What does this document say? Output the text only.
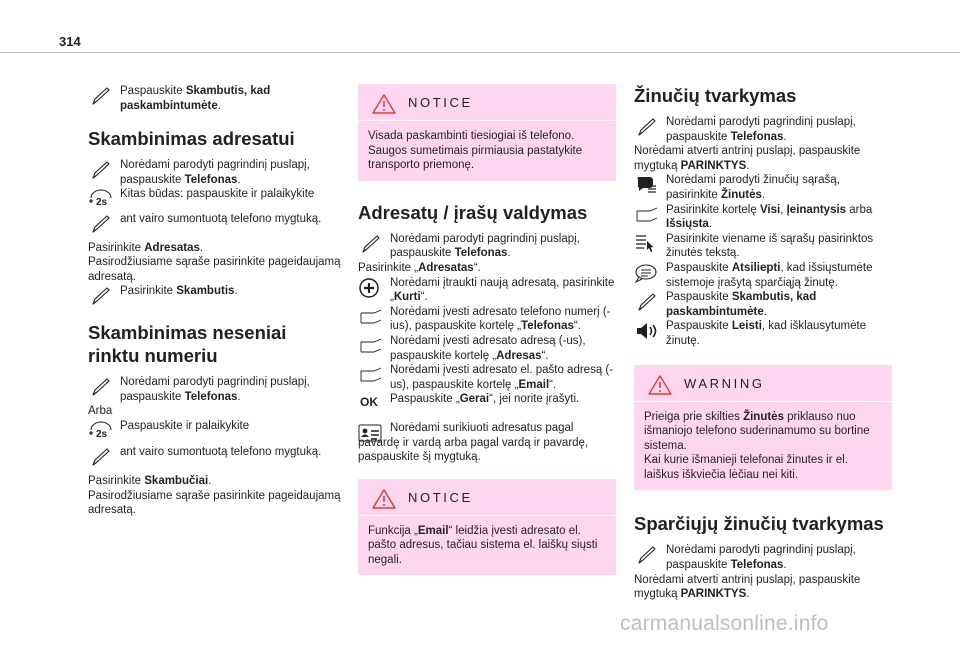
314
Paspauskite Skambutis, kad paskambintumėte.
Skambinimas adresatui
Norėdami parodyti pagrindinį puslapį, paspauskite Telefonas.
2s
Kitas būdas: paspauskite ir palaikykite
ant vairo sumontuotą telefono mygtuką.
Pasirinkite Adresatas.
Pasirodžiusiame sąraše pasirinkite pageidaujamą adresatą.
Pasirinkite Skambutis.
Skambinimas neseniai rinktu numeriu
Norėdami parodyti pagrindinį puslapį, paspauskite Telefonas.
Arba
2s
Paspauskite ir palaikykite
ant vairo sumontuotą telefono mygtuką.
Pasirinkite Skambučiai.
Pasirodžiusiame sąraše pasirinkite pageidaujamą adresatą.
NOTICE
Visada paskambinti tiesiogiai iš telefono. Saugos sumetimais pirmiausia pastatykite transporto priemonę.
Adresatų / įrašų valdymas
Norėdami parodyti pagrindinį puslapį, paspauskite Telefonas.
Pasirinkite „Adresatas“.
Norėdami įtraukti naują adresatą, pasirinkite „Kurti“.
Norėdami įvesti adresato telefono numerį (-ius), paspauskite kortelę „Telefonas“.
Norėdami įvesti adresato adresą (-us), paspauskite kortelę „Adresas“.
Norėdami įvesti adresato el. pašto adresą (-us), paspauskite kortelę „Email“.
OK Paspauskite „Gerai“, jei norite įrašyti.
Norėdami surikiuoti adresatus pagal pavardę ir vardą arba pagal vardą ir pavardę, paspauskite šį mygtuką.
NOTICE
Funkcija „Email“ leidžia įvesti adresato el. pašto adresus, tačiau sistema el. laiškų siųsti negali.
Žinučių tvarkymas
Norėdami parodyti pagrindinį puslapį, paspauskite Telefonas.
Norėdami atverti antrinį puslapį, paspauskite mygtuką PARINKTYS.
Norėdami parodyti žinučių sąrašą, pasirinkite Žinutės.
Pasirinkite kortelę Visi, Įeinantysis arba Išsiųsta.
Pasirinkite viename iš sąrašų pasirinktos žinutės tekstą.
Paspauskite Atsiliepti, kad išsiųstumėte sistemoje įrašytą sparčiąją žinutę.
Paspauskite Skambutis, kad paskambintumėte.
Paspauskite Leisti, kad išklausytumėte žinutę.
WARNING
Prieiga prie skilties Žinutės priklauso nuo išmaniojo telefono suderinamumo su bortine sistema.
Kai kurie išmanieji telefonai žinutes ir el. laiškus iškviečia lėčiau nei kiti.
Sparčiųjų žinučių tvarkymas
Norėdami parodyti pagrindinį puslapį, paspauskite Telefonas.
Norėdami atverti antrinį puslapį, paspauskite mygtuką PARINKTYS.
carmanualsonline.info
